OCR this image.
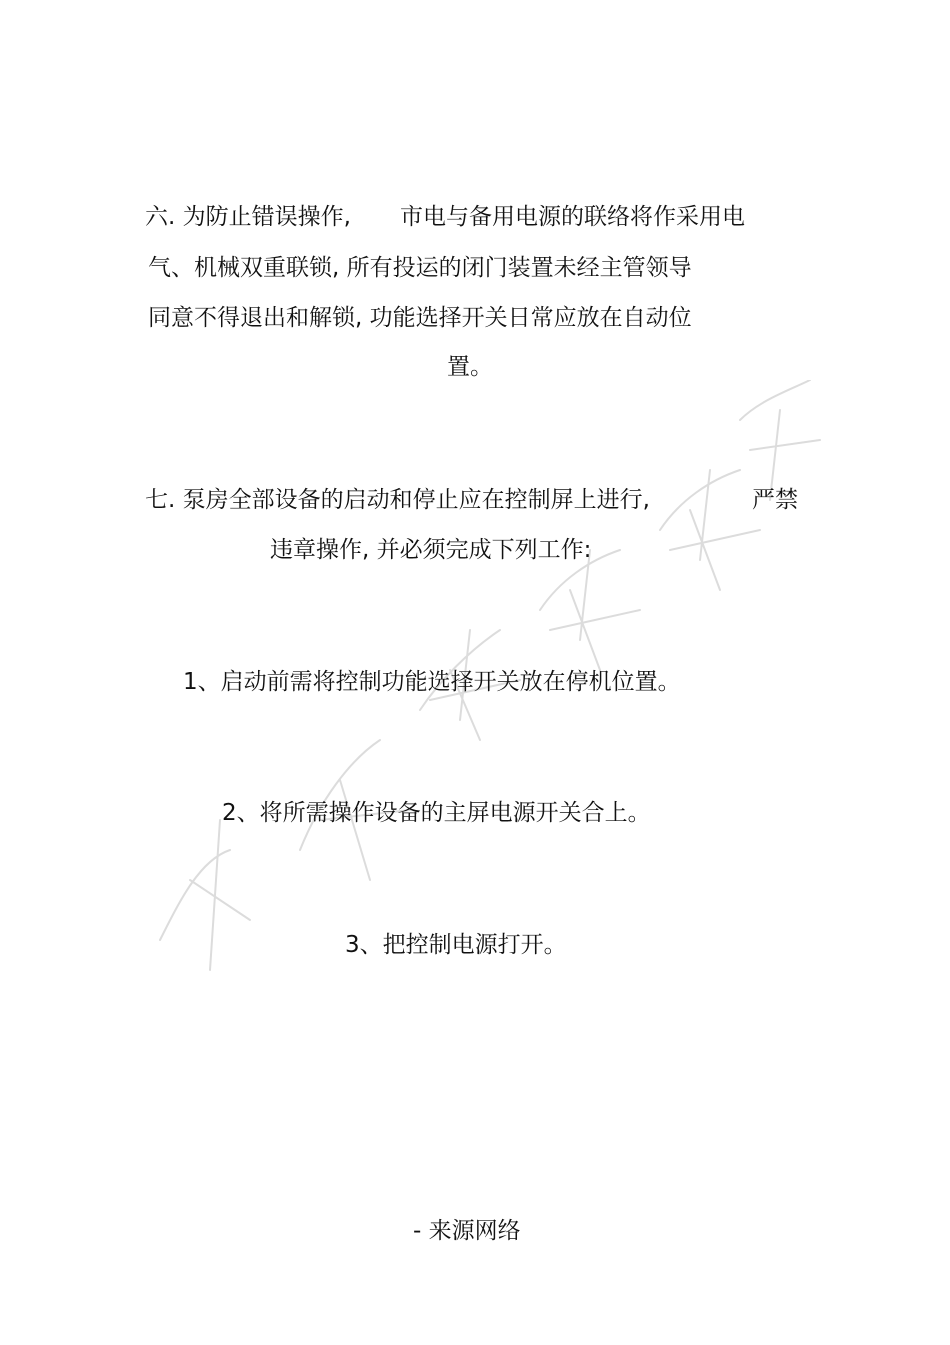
六. 为防止错误操作, 市电与备用电源的联络将作采用电
气、机械双重联锁, 所有投运的闭门装置未经主管领导
同意不得退出和解锁, 功能选择开关日常应放在自动位
置。
七. 泵房全部设备的启动和停止应在控制屏上进行,	严禁
违章操作, 并必须完成下列工作:
1、启动前需将控制功能选择开关放在停机位置。
2、将所需操作设备的主屏电源开关合上。
3、把控制电源打开。
- 来源网络
